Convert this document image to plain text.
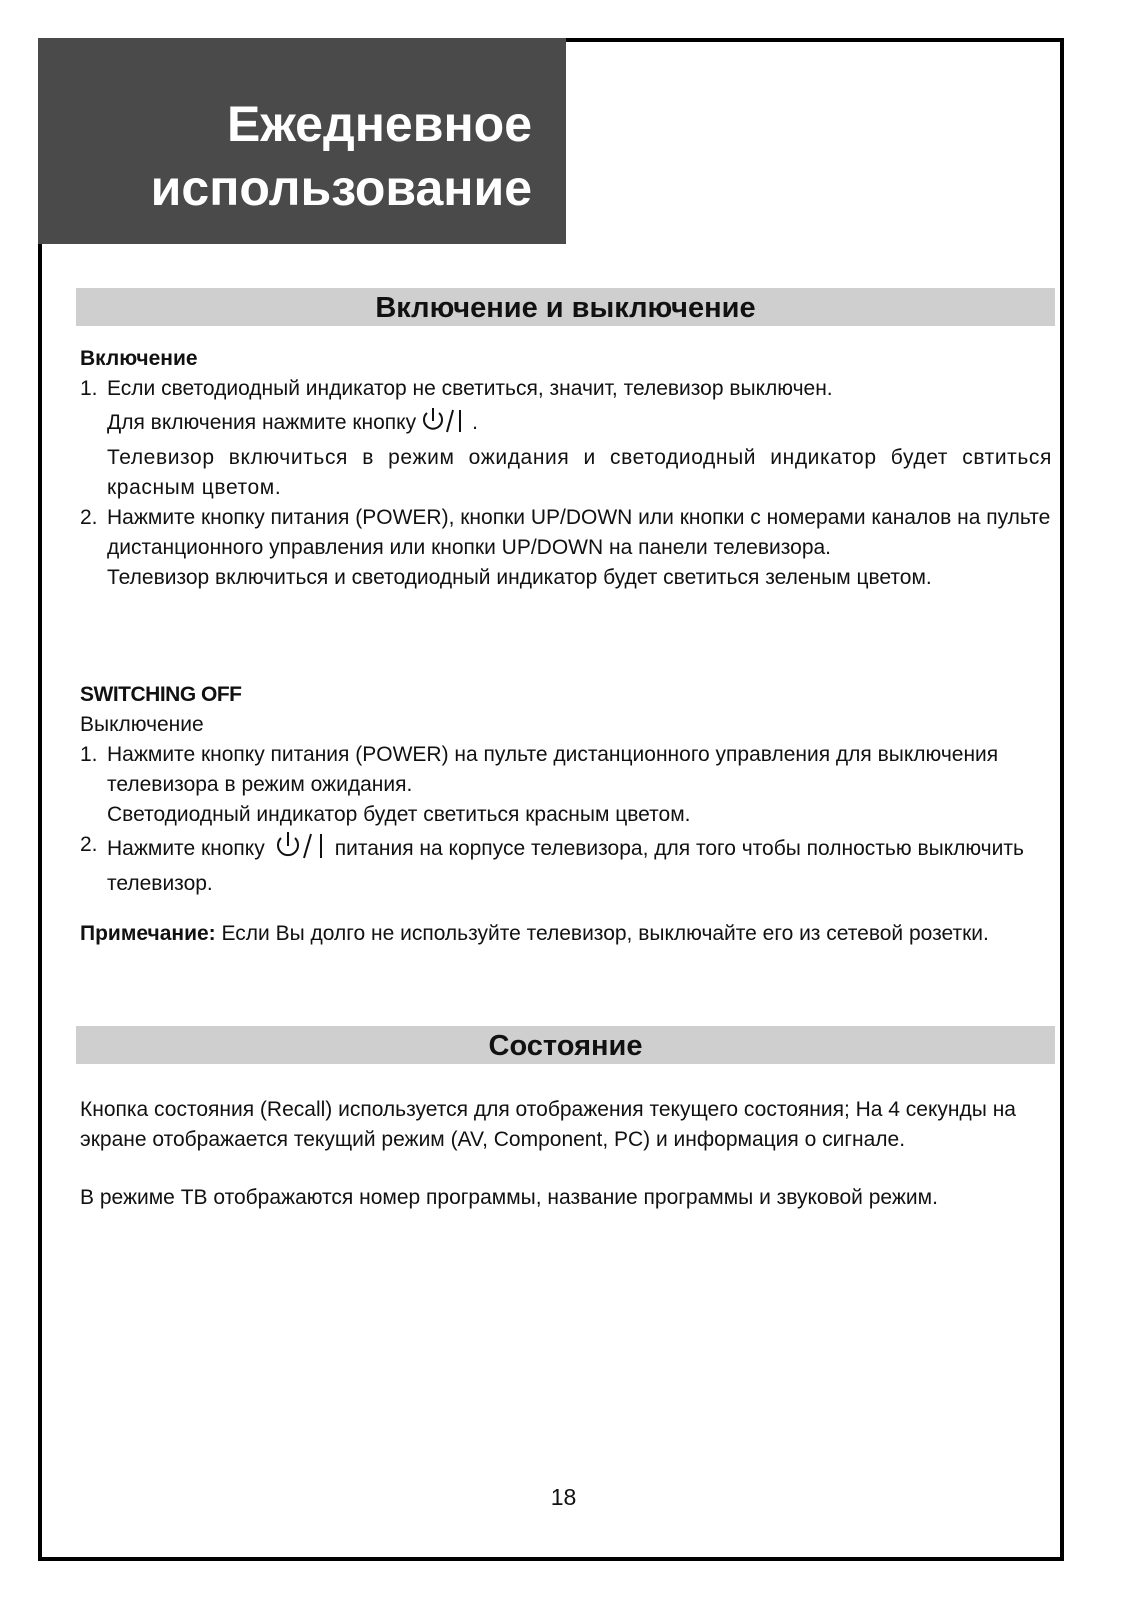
Ежедневное
использование
Включение и выключение
Включение
1. Если светодиодный индикатор не светиться, значит, телевизор выключен.

Для включения нажмите кнопку	.

Телевизор включиться в режим ожидания и светодиодный индикатор будет свтиться красным цветом.

2. Нажмите кнопку питания (POWER), кнопки UP/DOWN или кнопки с номерами каналов на пульте дистанционного управления или кнопки UP/DOWN на панели телевизора.

Телевизор включиться и светодиодный индикатор будет светиться зеленым цветом.

SWITCHING OFF
Выключение
1. Нажмите кнопку питания (POWER) на пульте дистанционного управления для выключения телевизора в режим ожидания.

Светодиодный индикатор будет светиться красным цветом.

2. Нажмите кнопку	питания на корпусе телевизора, для того чтобы полностью выключить телевизор.

Примечание: Если Вы долго не используйте телевизор, выключайте его из сетевой розетки.

Состояние

Кнопка состояния (Recall) используется для отображения текущего состояния; На 4 секунды на экране отображается текущий режим (AV, Component, PC) и информация о сигнале.

В режиме ТВ отображаются номер программы, название программы и звуковой режим.

18
